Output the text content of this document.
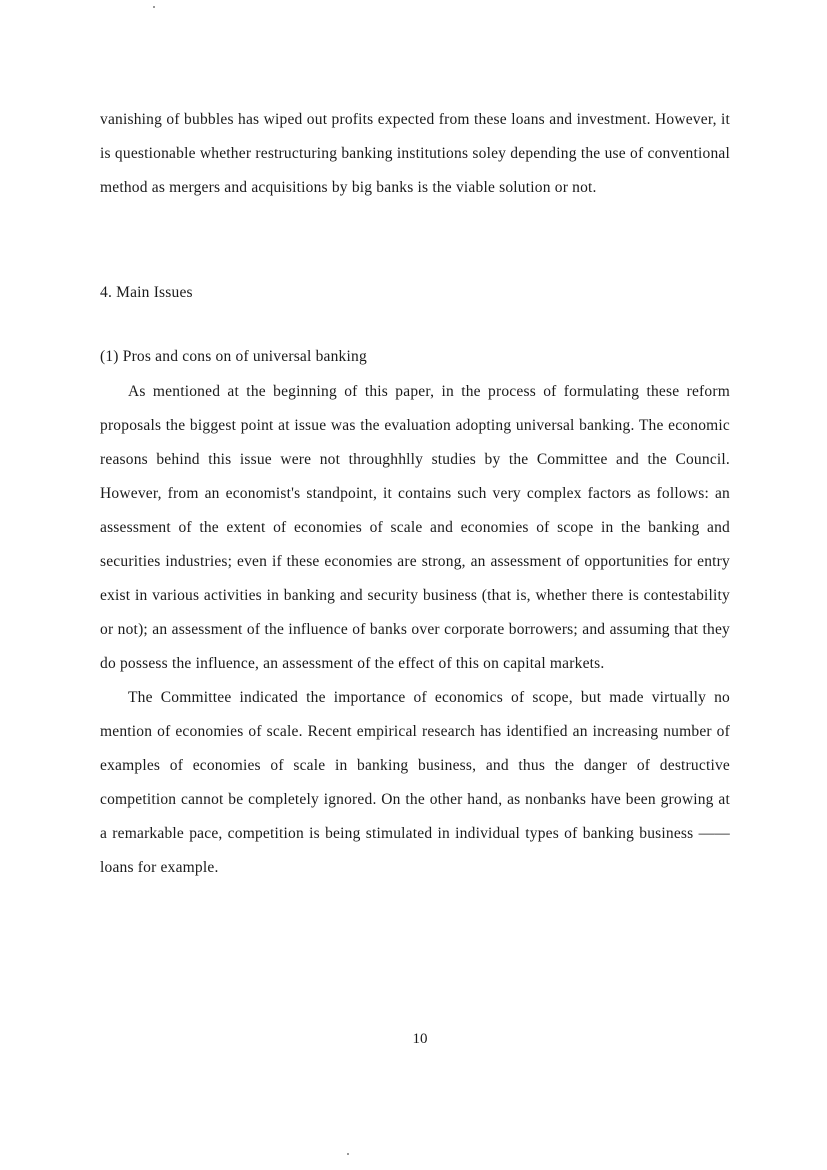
vanishing of bubbles has wiped out profits expected from these loans and investment. However, it is questionable whether restructuring banking institutions soley depending the use of conventional method as mergers and acquisitions by big banks is the viable solution or not.

4. Main Issues
(1) Pros and cons on of universal banking

As mentioned at the beginning of this paper, in the process of formulating these reform proposals the biggest point at issue was the evaluation adopting universal banking. The economic reasons behind this issue were not throughhlly studies by the Committee and the Council. However, from an economist's standpoint, it contains such very complex factors as follows: an assessment of the extent of economies of scale and economies of scope in the banking and securities industries; even if these economies are strong, an assessment of opportunities for entry exist in various activities in banking and security business (that is, whether there is contestability or not); an assessment of the influence of banks over corporate borrowers; and assuming that they do possess the influence, an assessment of the effect of this on capital markets.

The Committee indicated the importance of economics of scope, but made virtually no mention of economies of scale. Recent empirical research has identified an increasing number of examples of economies of scale in banking business, and thus the danger of destructive competition cannot be completely ignored. On the other hand, as nonbanks have been growing at a remarkable pace, competition is being stimulated in individual types of banking business —— loans for example.

10
